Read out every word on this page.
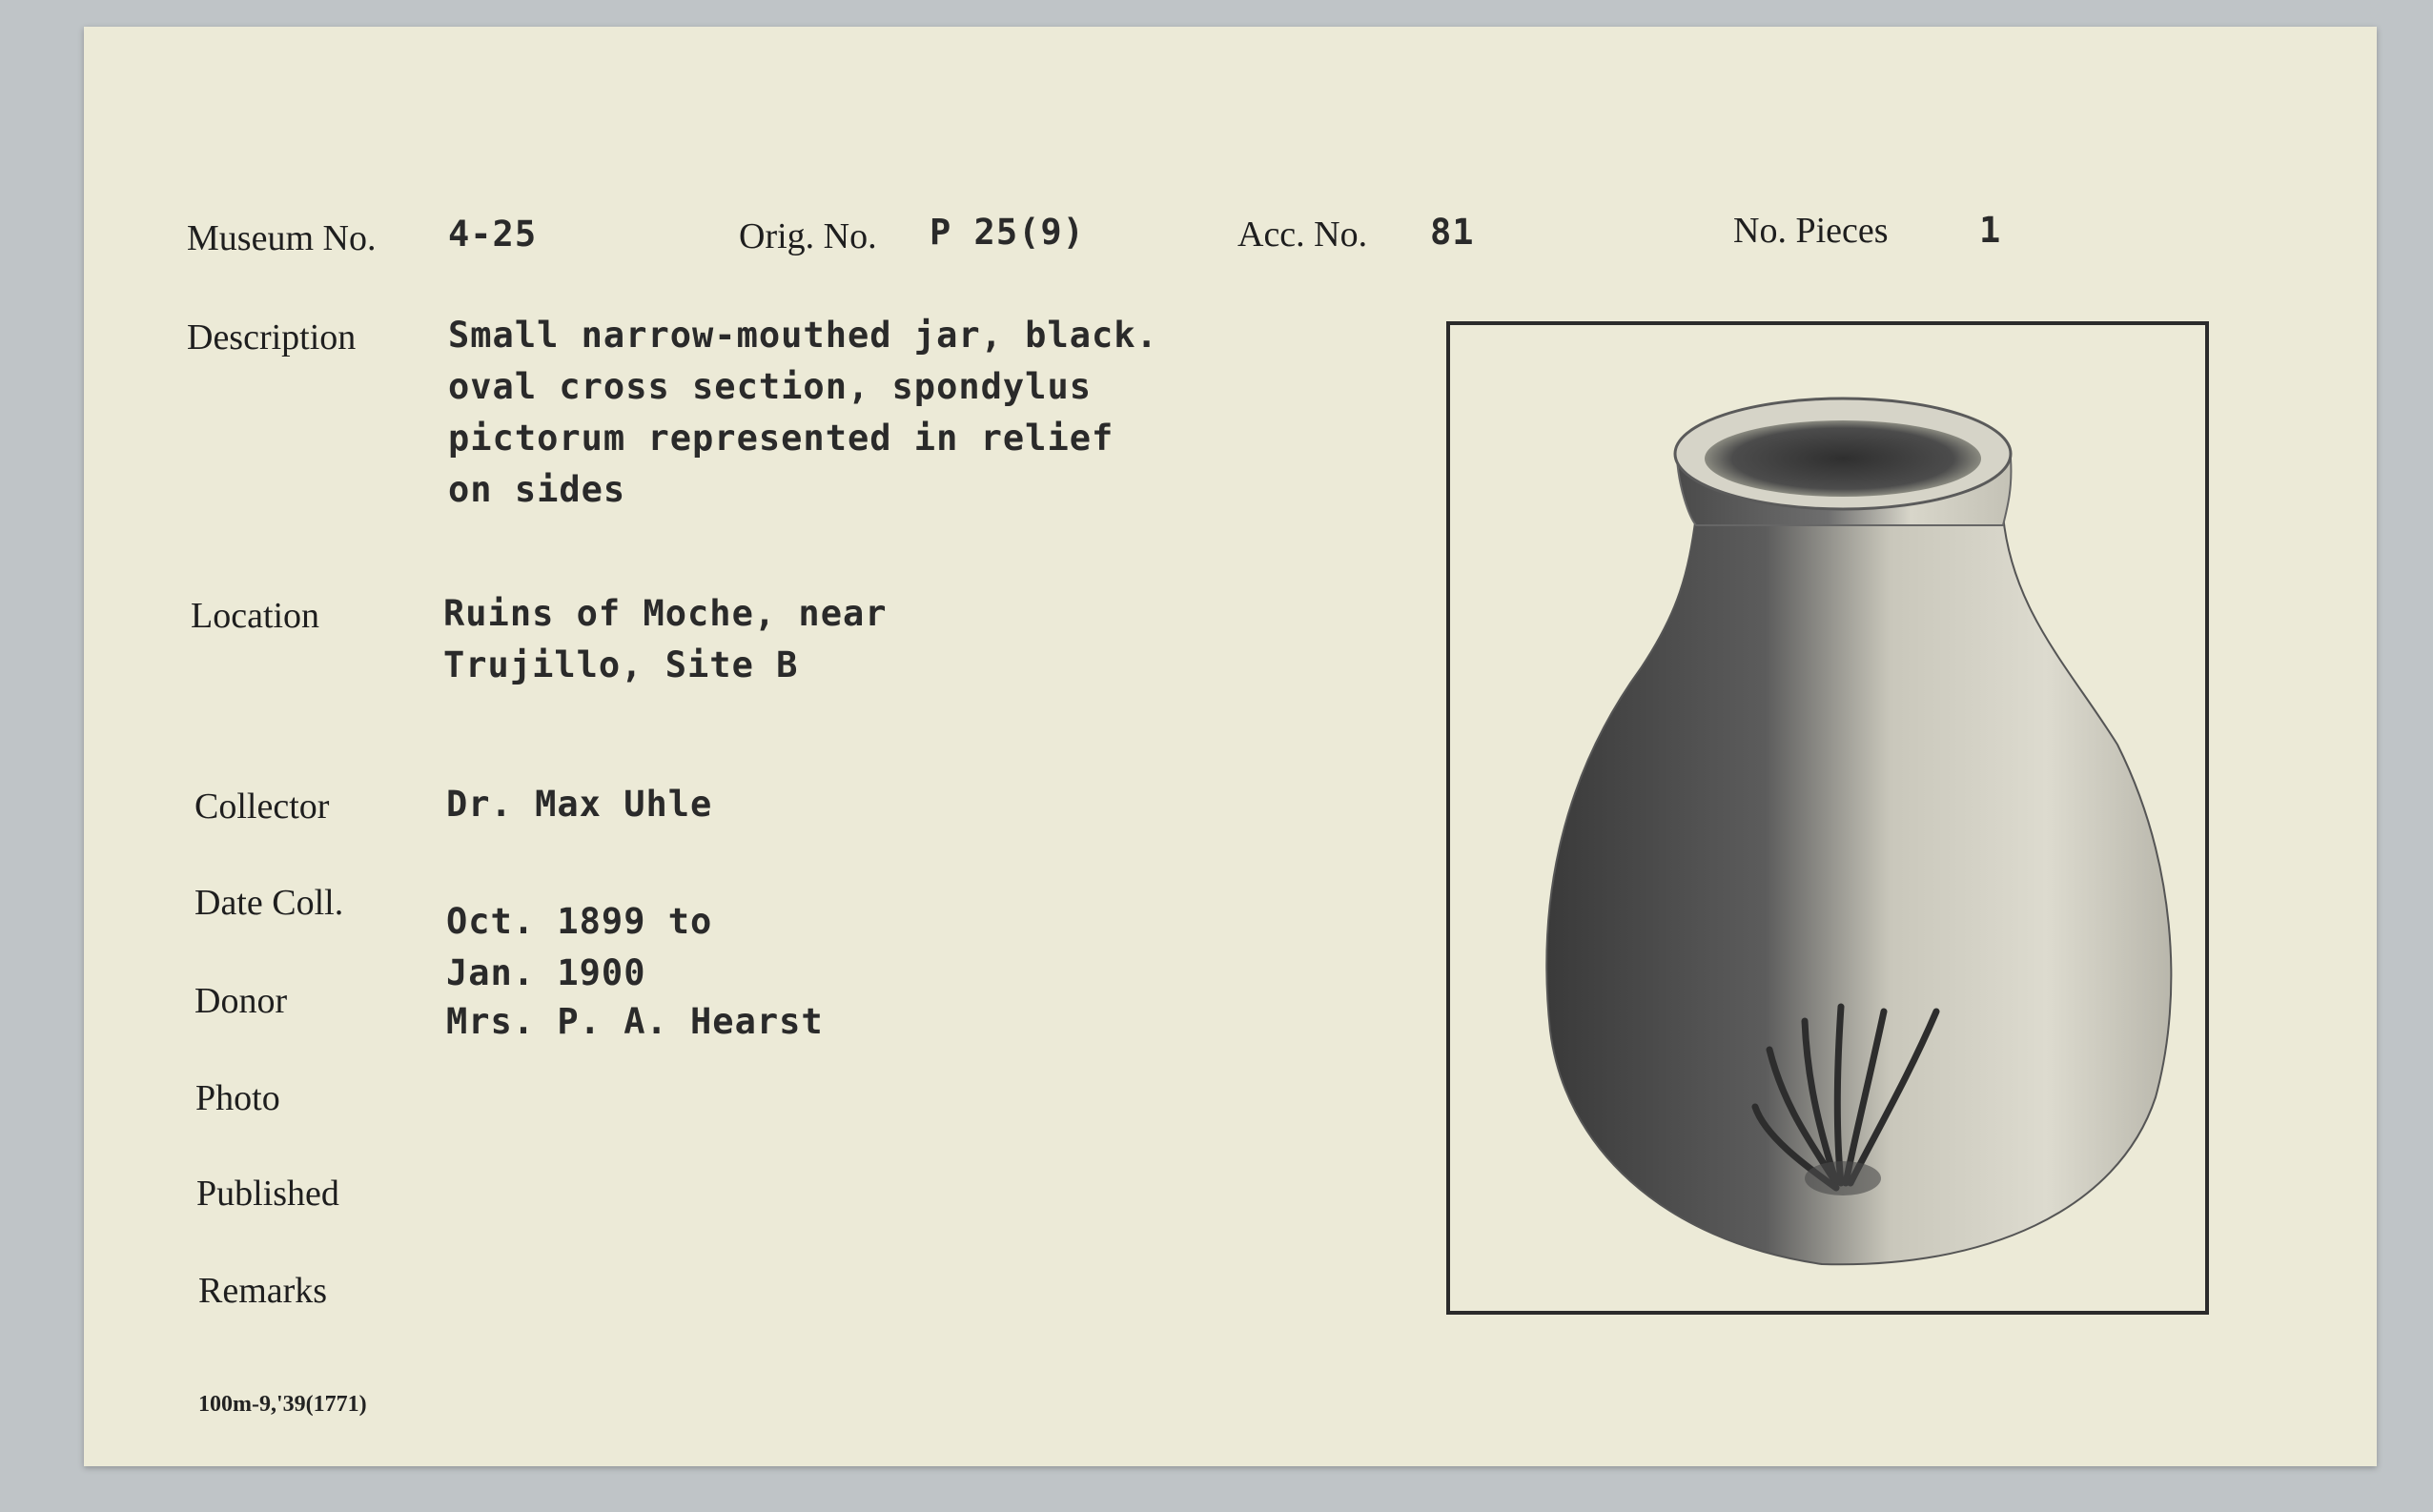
Museum No. 4-25	Orig. No. P 25(9)	Acc. No. 81	No. Pieces	1
Description	Small narrow-mouthed jar, black.
oval cross section, spondylus
pictorum represented in relief
on sides
Location	Ruins of Moche, near
Trujillo, Site B
Collector	Dr. Max Uhle
Date Coll.	Oct. 1899 to
Jan. 1900
Donor	Mrs. P. A. Hearst
Photo
Published
Remarks
100m-9,'39(1771)
